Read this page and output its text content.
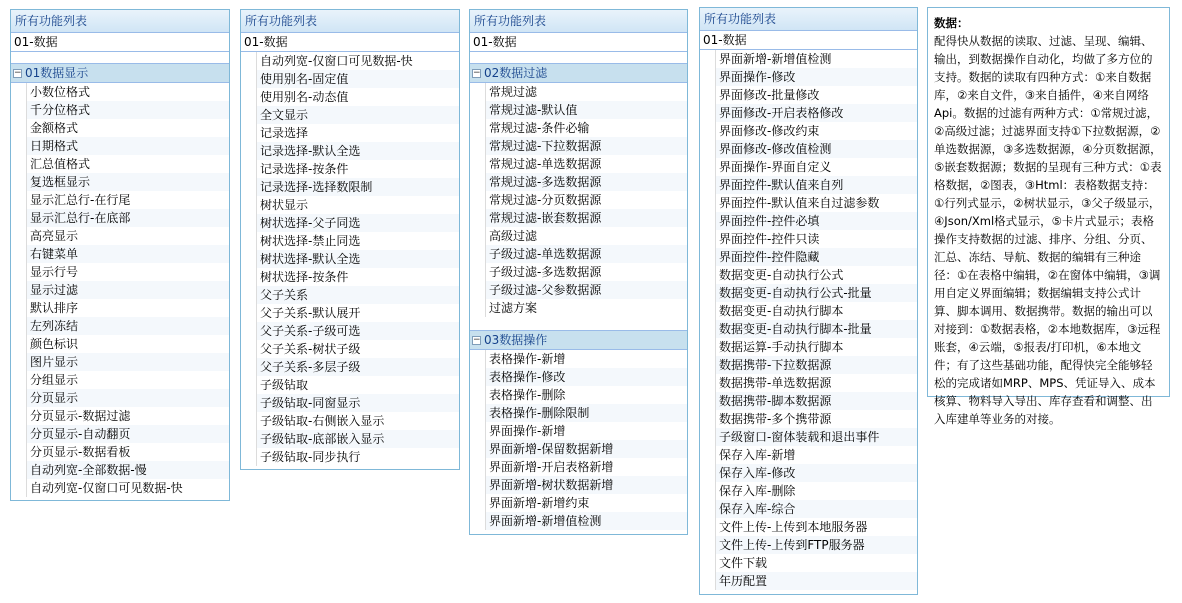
所有功能列表
01-数据
− 01数据显示
小数位格式
千分位格式
金额格式
日期格式
汇总值格式
复选框显示
显示汇总行-在行尾
显示汇总行-在底部
高亮显示
右键菜单
显示行号
显示过滤
默认排序
左列冻结
颜色标识
图片显示
分组显示
分页显示
分页显示-数据过滤
分页显示-自动翻页
分页显示-数据看板
自动列宽-全部数据-慢
自动列宽-仅窗口可见数据-快
所有功能列表
01-数据
自动列宽-仅窗口可见数据-快
使用别名-固定值
使用别名-动态值
全文显示
记录选择
记录选择-默认全选
记录选择-按条件
记录选择-选择数限制
树状显示
树状选择-父子同选
树状选择-禁止同选
树状选择-默认全选
树状选择-按条件
父子关系
父子关系-默认展开
父子关系-子级可选
父子关系-树状子级
父子关系-多层子级
子级钻取
子级钻取-同窗显示
子级钻取-右侧嵌入显示
子级钻取-底部嵌入显示
子级钻取-同步执行
所有功能列表
01-数据
− 02数据过滤
常规过滤
常规过滤-默认值
常规过滤-条件必输
常规过滤-下拉数据源
常规过滤-单选数据源
常规过滤-多选数据源
常规过滤-分页数据源
常规过滤-嵌套数据源
高级过滤
子级过滤-单选数据源
子级过滤-多选数据源
子级过滤-父参数据源
过滤方案
− 03数据操作
表格操作-新增
表格操作-修改
表格操作-删除
表格操作-删除限制
界面操作-新增
界面新增-保留数据新增
界面新增-开启表格新增
界面新增-树状数据新增
界面新增-新增约束
界面新增-新增值检测
所有功能列表
01-数据
界面新增-新增值检测
界面操作-修改
界面修改-批量修改
界面修改-开启表格修改
界面修改-修改约束
界面修改-修改值检测
界面操作-界面自定义
界面控件-默认值来自列
界面控件-默认值来自过滤参数
界面控件-控件必填
界面控件-控件只读
界面控件-控件隐藏
数据变更-自动执行公式
数据变更-自动执行公式-批量
数据变更-自动执行脚本
数据变更-自动执行脚本-批量
数据运算-手动执行脚本
数据携带-下拉数据源
数据携带-单选数据源
数据携带-脚本数据源
数据携带-多个携带源
子级窗口-窗体装载和退出事件
保存入库-新增
保存入库-修改
保存入库-删除
保存入库-综合
文件上传-上传到本地服务器
文件上传-上传到FTP服务器
文件下载
年历配置
数据：
配得快从数据的读取、过滤、呈现、编辑、输出，到数据操作自动化，均做了多方位的支持。数据的读取有四种方式：①来自数据库，②来自文件，③来自插件，④来自网络Api。数据的过滤有两种方式：①常规过滤，②高级过滤；过滤界面支持①下拉数据源，②单选数据源，③多选数据源，④分页数据源，⑤嵌套数据源；数据的呈现有三种方式：①表格数据，②图表，③Html：表格数据支持：①行列式显示，②树状显示，③父子级显示，④Json/Xml格式显示，⑤卡片式显示；表格操作支持数据的过滤、排序、分组、分页、汇总、冻结、导航、数据的编辑有三种途径：①在表格中编辑，②在窗体中编辑，③调用自定义界面编辑；数据编辑支持公式计算、脚本调用、数据携带。数据的输出可以对接到：①数据表格，②本地数据库，③远程账套，④云端，⑤报表/打印机，⑥本地文件；有了这些基础功能，配得快完全能够轻松的完成诸如MRP、MPS、凭证导入、成本核算、物料导入导出、库存查看和调整、出入库建单等业务的对接。
